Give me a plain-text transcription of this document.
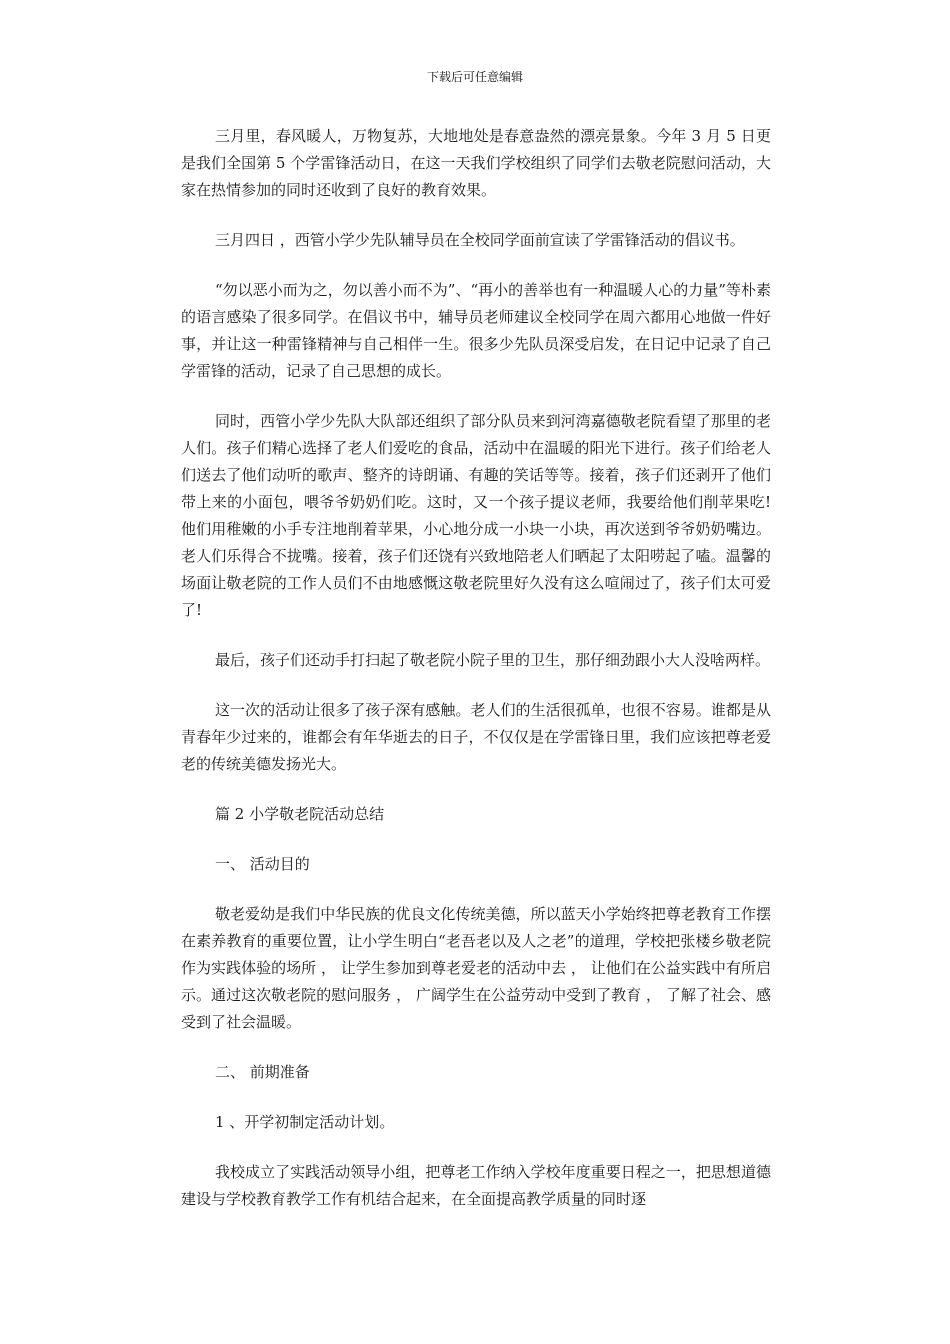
下载后可任意编辑

三月里，春风暖人，万物复苏，大地地处是春意盎然的漂亮景象。今年 3 月 5 日更是我们全国第 5 个学雷锋活动日，在这一天我们学校组织了同学们去敬老院慰问活动，大家在热情参加的同时还收到了良好的教育效果。

三月四日 ，西管小学少先队辅导员在全校同学面前宣读了学雷锋活动的倡议书。

“勿以恶小而为之，勿以善小而不为”、“再小的善举也有一种温暖人心的力量”等朴素的语言感染了很多同学。在倡议书中，辅导员老师建议全校同学在周六都用心地做一件好事，并让这一种雷锋精神与自己相伴一生。很多少先队员深受启发，在日记中记录了自己学雷锋的活动，记录了自己思想的成长。

同时，西管小学少先队大队部还组织了部分队员来到河湾嘉德敬老院看望了那里的老人们。孩子们精心选择了老人们爱吃的食品，活动中在温暖的阳光下进行。孩子们给老人们送去了他们动听的歌声、整齐的诗朗诵、有趣的笑话等等。接着，孩子们还剥开了他们带上来的小面包，喂爷爷奶奶们吃。这时，又一个孩子提议老师，我要给他们削苹果吃!他们用稚嫩的小手专注地削着苹果，小心地分成一小块一小块，再次送到爷爷奶奶嘴边。老人们乐得合不拢嘴。接着，孩子们还饶有兴致地陪老人们晒起了太阳唠起了嗑。温馨的场面让敬老院的工作人员们不由地感慨这敬老院里好久没有这么喧闹过了，孩子们太可爱了!

最后，孩子们还动手打扫起了敬老院小院子里的卫生，那仔细劲跟小大人没啥两样。

这一次的活动让很多了孩子深有感触。老人们的生活很孤单，也很不容易。谁都是从青春年少过来的，谁都会有年华逝去的日子，不仅仅是在学雷锋日里，我们应该把尊老爱老的传统美德发扬光大。

篇 2 小学敬老院活动总结

一、 活动目的

敬老爱幼是我们中华民族的优良文化传统美德，所以蓝天小学始终把尊老教育工作摆在素养教育的重要位置，让小学生明白“老吾老以及人之老”的道理，学校把张楼乡敬老院作为实践体验的场所 ， 让学生参加到尊老爱老的活动中去 ， 让他们在公益实践中有所启示。通过这次敬老院的慰问服务 ， 广阔学生在公益劳动中受到了教育 ， 了解了社会、感受到了社会温暖。

二、 前期准备

1 、开学初制定活动计划。

我校成立了实践活动领导小组，把尊老工作纳入学校年度重要日程之一，把思想道德建设与学校教育教学工作有机结合起来，在全面提高教学质量的同时逐
